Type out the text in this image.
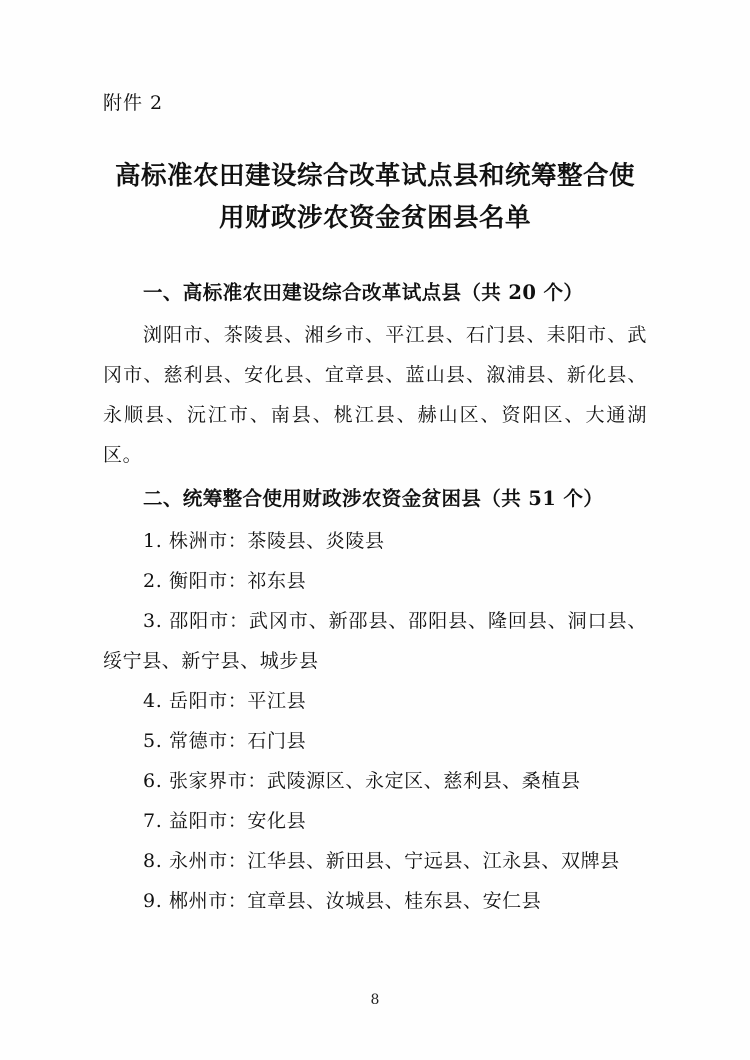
附件 2
高标准农田建设综合改革试点县和统筹整合使用财政涉农资金贫困县名单
一、高标准农田建设综合改革试点县（共 20 个）
浏阳市、茶陵县、湘乡市、平江县、石门县、耒阳市、武冈市、慈利县、安化县、宜章县、蓝山县、溆浦县、新化县、永顺县、沅江市、南县、桃江县、赫山区、资阳区、大通湖区。
二、统筹整合使用财政涉农资金贫困县（共 51 个）
1. 株洲市：茶陵县、炎陵县
2. 衡阳市：祁东县
3. 邵阳市：武冈市、新邵县、邵阳县、隆回县、洞口县、绥宁县、新宁县、城步县
4. 岳阳市：平江县
5. 常德市：石门县
6. 张家界市：武陵源区、永定区、慈利县、桑植县
7. 益阳市：安化县
8. 永州市：江华县、新田县、宁远县、江永县、双牌县
9. 郴州市：宜章县、汝城县、桂东县、安仁县
8
